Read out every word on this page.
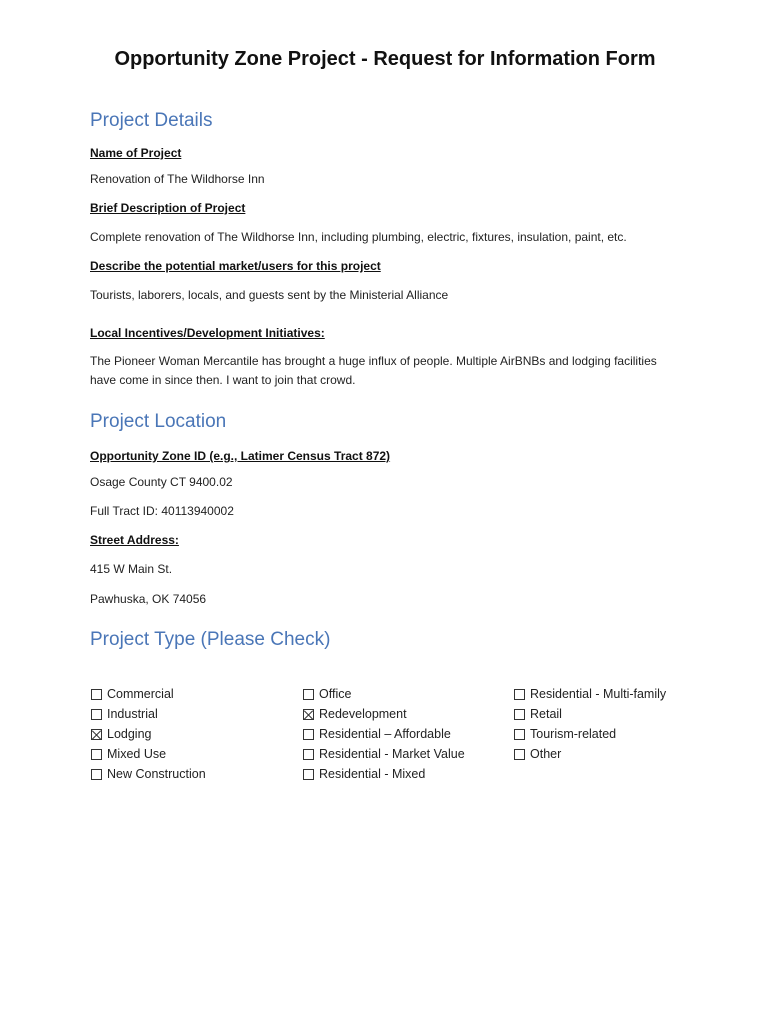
Opportunity Zone Project - Request for Information Form
Project Details
Name of Project
Renovation of The Wildhorse Inn
Brief Description of Project
Complete renovation of The Wildhorse Inn, including plumbing, electric, fixtures, insulation, paint, etc.
Describe the potential market/users for this project
Tourists, laborers, locals, and guests sent by the Ministerial Alliance
Local Incentives/Development Initiatives:
The Pioneer Woman Mercantile has brought a huge influx of people. Multiple AirBNBs and lodging facilities have come in since then. I want to join that crowd.
Project Location
Opportunity Zone ID (e.g., Latimer Census Tract 872)
Osage County CT 9400.02
Full Tract ID: 40113940002
Street Address:
415 W Main St.
Pawhuska, OK 74056
Project Type (Please Check)
Commercial
Industrial
Lodging
Mixed Use
New Construction
Office
Redevelopment
Residential – Affordable
Residential - Market Value
Residential - Mixed
Residential - Multi-family
Retail
Tourism-related
Other
